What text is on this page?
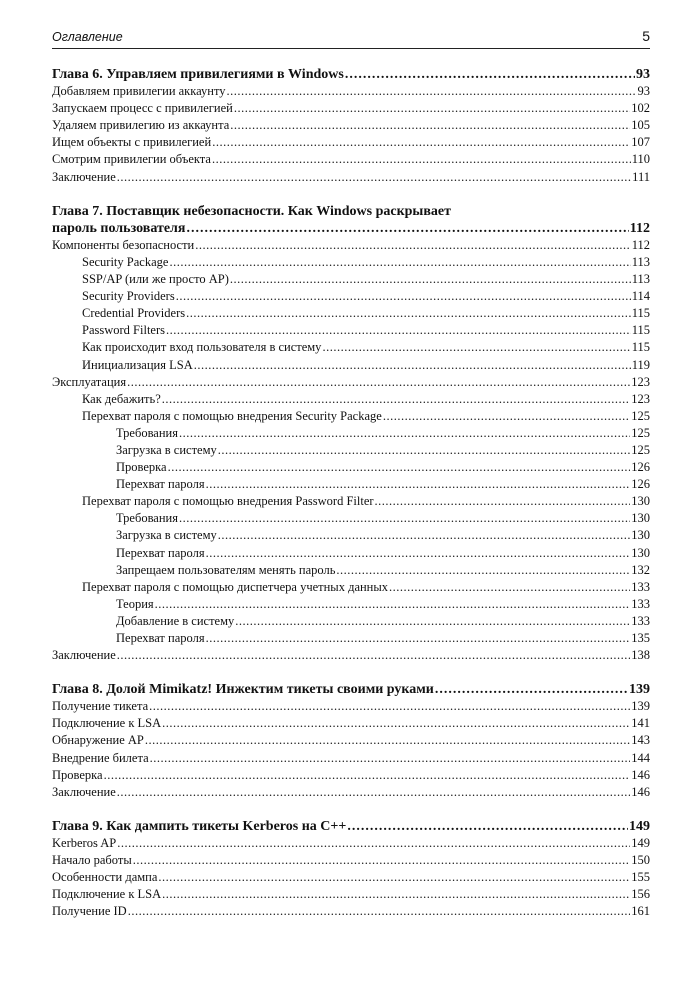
Оглавление	5
Глава 6. Управляем привилегиями в Windows .....	93
Добавляем привилегии аккаунту .....	93
Запускаем процесс с привилегией .....	102
Удаляем привилегию из аккаунта .....	105
Ищем объекты с привилегией .....	107
Смотрим привилегии объекта .....	110
Заключение .....	111
Глава 7. Поставщик небезопасности. Как Windows раскрывает
пароль пользователя .....	112
Компоненты безопасности .....	112
Security Package .....	113
SSP/AP (или же просто AP) .....	113
Security Providers .....	114
Credential Providers .....	115
Password Filters .....	115
Как происходит вход пользователя в систему .....	115
Инициализация LSA .....	119
Эксплуатация .....	123
Как дебажить? .....	123
Перехват пароля с помощью внедрения Security Package .....	125
Требования .....	125
Загрузка в систему .....	125
Проверка .....	126
Перехват пароля .....	126
Перехват пароля с помощью внедрения Password Filter .....	130
Требования .....	130
Загрузка в систему .....	130
Перехват пароля .....	130
Запрещаем пользователям менять пароль .....	132
Перехват пароля с помощью диспетчера учетных данных .....	133
Теория .....	133
Добавление в систему .....	133
Перехват пароля .....	135
Заключение .....	138
Глава 8. Долой Mimikatz! Инжектим тикеты своими руками .....	139
Получение тикета .....	139
Подключение к LSA .....	141
Обнаружение AP .....	143
Внедрение билета .....	144
Проверка .....	146
Заключение .....	146
Глава 9. Как дампить тикеты Kerberos на C++ .....	149
Kerberos AP .....	149
Начало работы .....	150
Особенности дампа .....	155
Подключение к LSA .....	156
Получение ID .....	161
